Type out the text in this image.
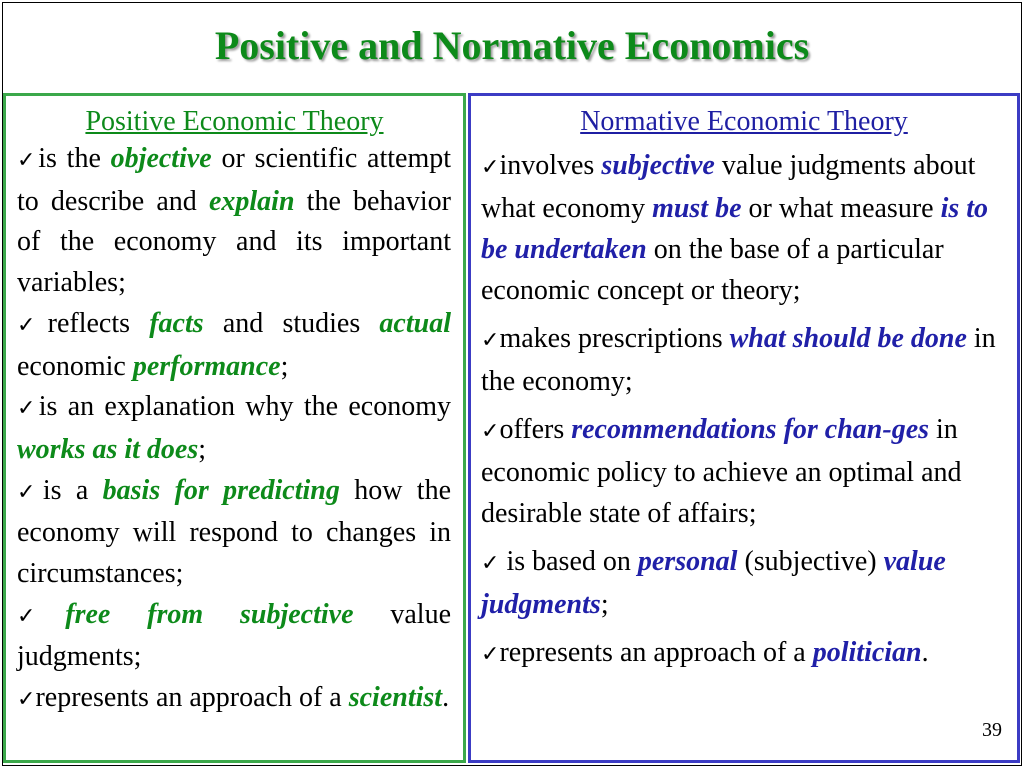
Positive and Normative Economics
Positive Economic Theory
✓is the objective or scientific attempt to describe and explain the behavior of the economy and its important variables;
✓reflects facts and studies actual economic performance;
✓is an explanation why the economy works as it does;
✓is a basis for predicting how the economy will respond to changes in circumstances;
✓free from subjective value judgments;
✓represents an approach of a scientist.
Normative Economic Theory
✓involves subjective value judgments about what economy must be or what measure is to be undertaken on the base of a particular economic concept or theory;
✓makes prescriptions what should be done in the economy;
✓offers recommendations for chan-ges in economic policy to achieve an optimal and desirable state of affairs;
✓ is based on personal (subjective) value judgments;
✓represents an approach of a politician.
39
